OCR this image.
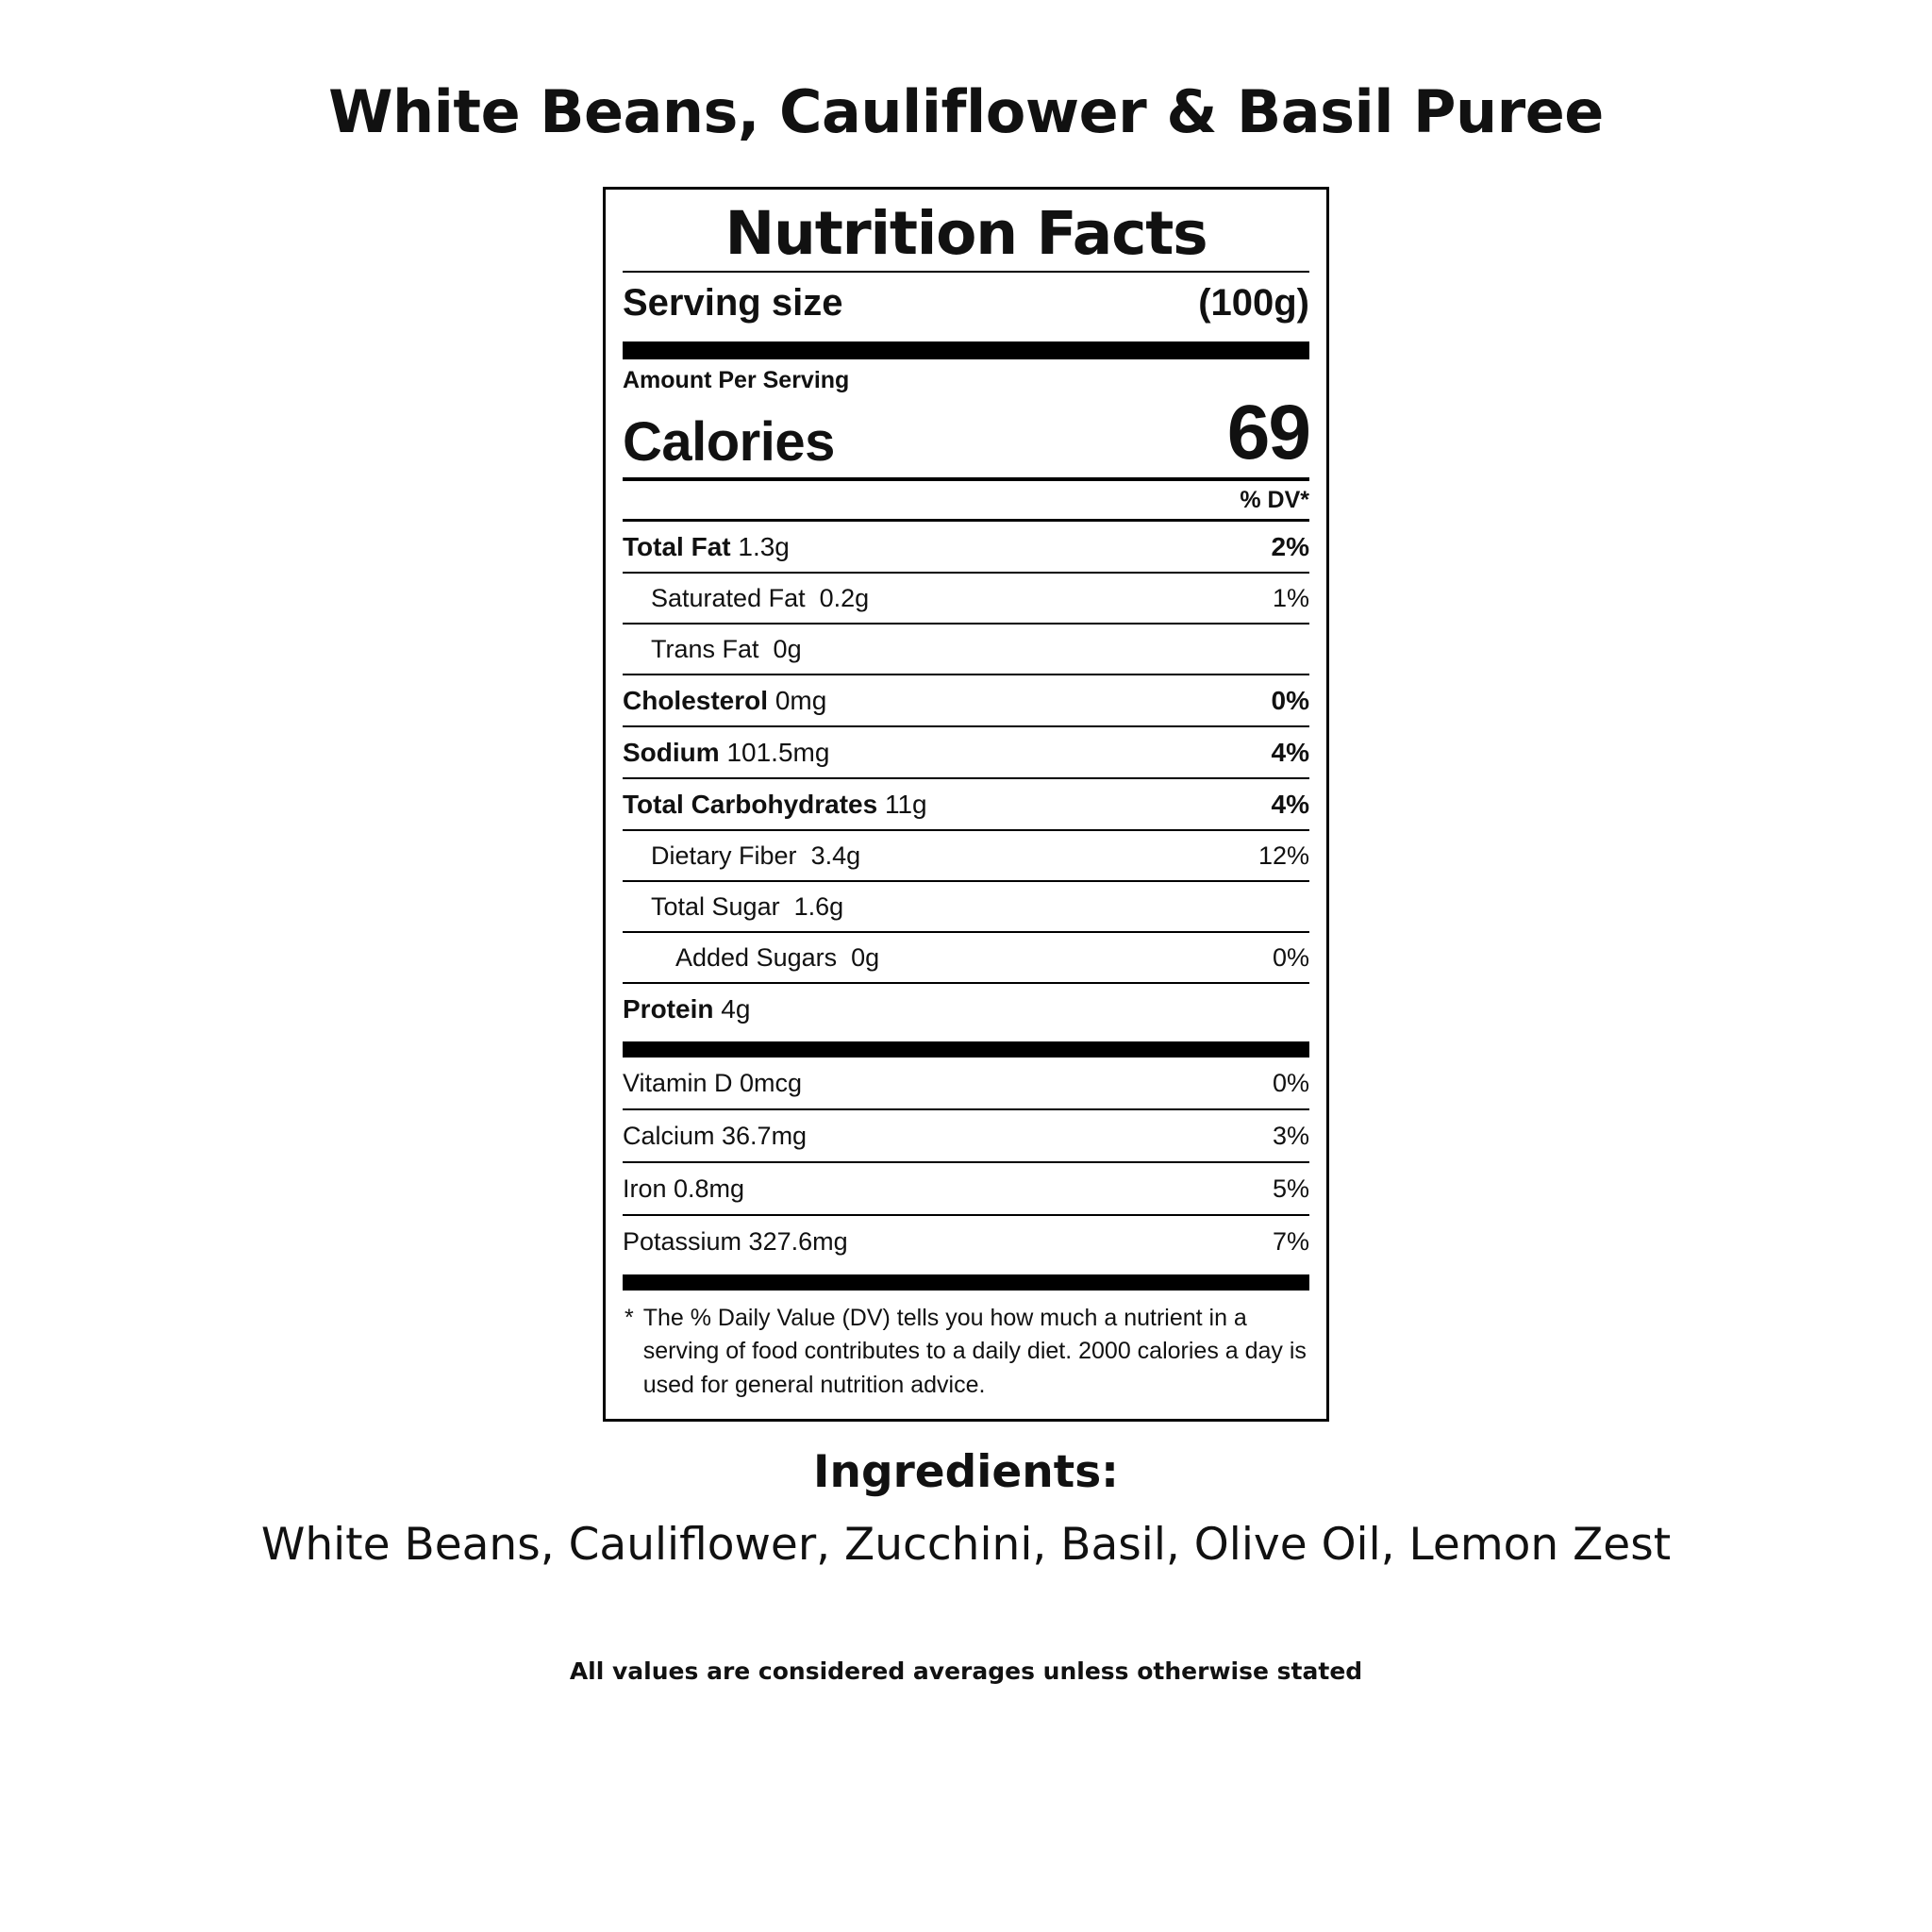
White Beans, Cauliflower & Basil Puree
Nutrition Facts
Serving size	(100g)
Amount Per Serving
Calories	69
% DV*
Total Fat 1.3g	2%
Saturated Fat 0.2g	1%
Trans Fat 0g
Cholesterol 0mg	0%
Sodium 101.5mg	4%
Total Carbohydrates 11g	4%
Dietary Fiber 3.4g	12%
Total Sugar 1.6g
Added Sugars 0g	0%
Protein 4g
Vitamin D 0mcg	0%
Calcium 36.7mg	3%
Iron 0.8mg	5%
Potassium 327.6mg	7%
* The % Daily Value (DV) tells you how much a nutrient in a serving of food contributes to a daily diet. 2000 calories a day is used for general nutrition advice.
Ingredients:
White Beans, Cauliflower, Zucchini, Basil, Olive Oil, Lemon Zest
All values are considered averages unless otherwise stated
